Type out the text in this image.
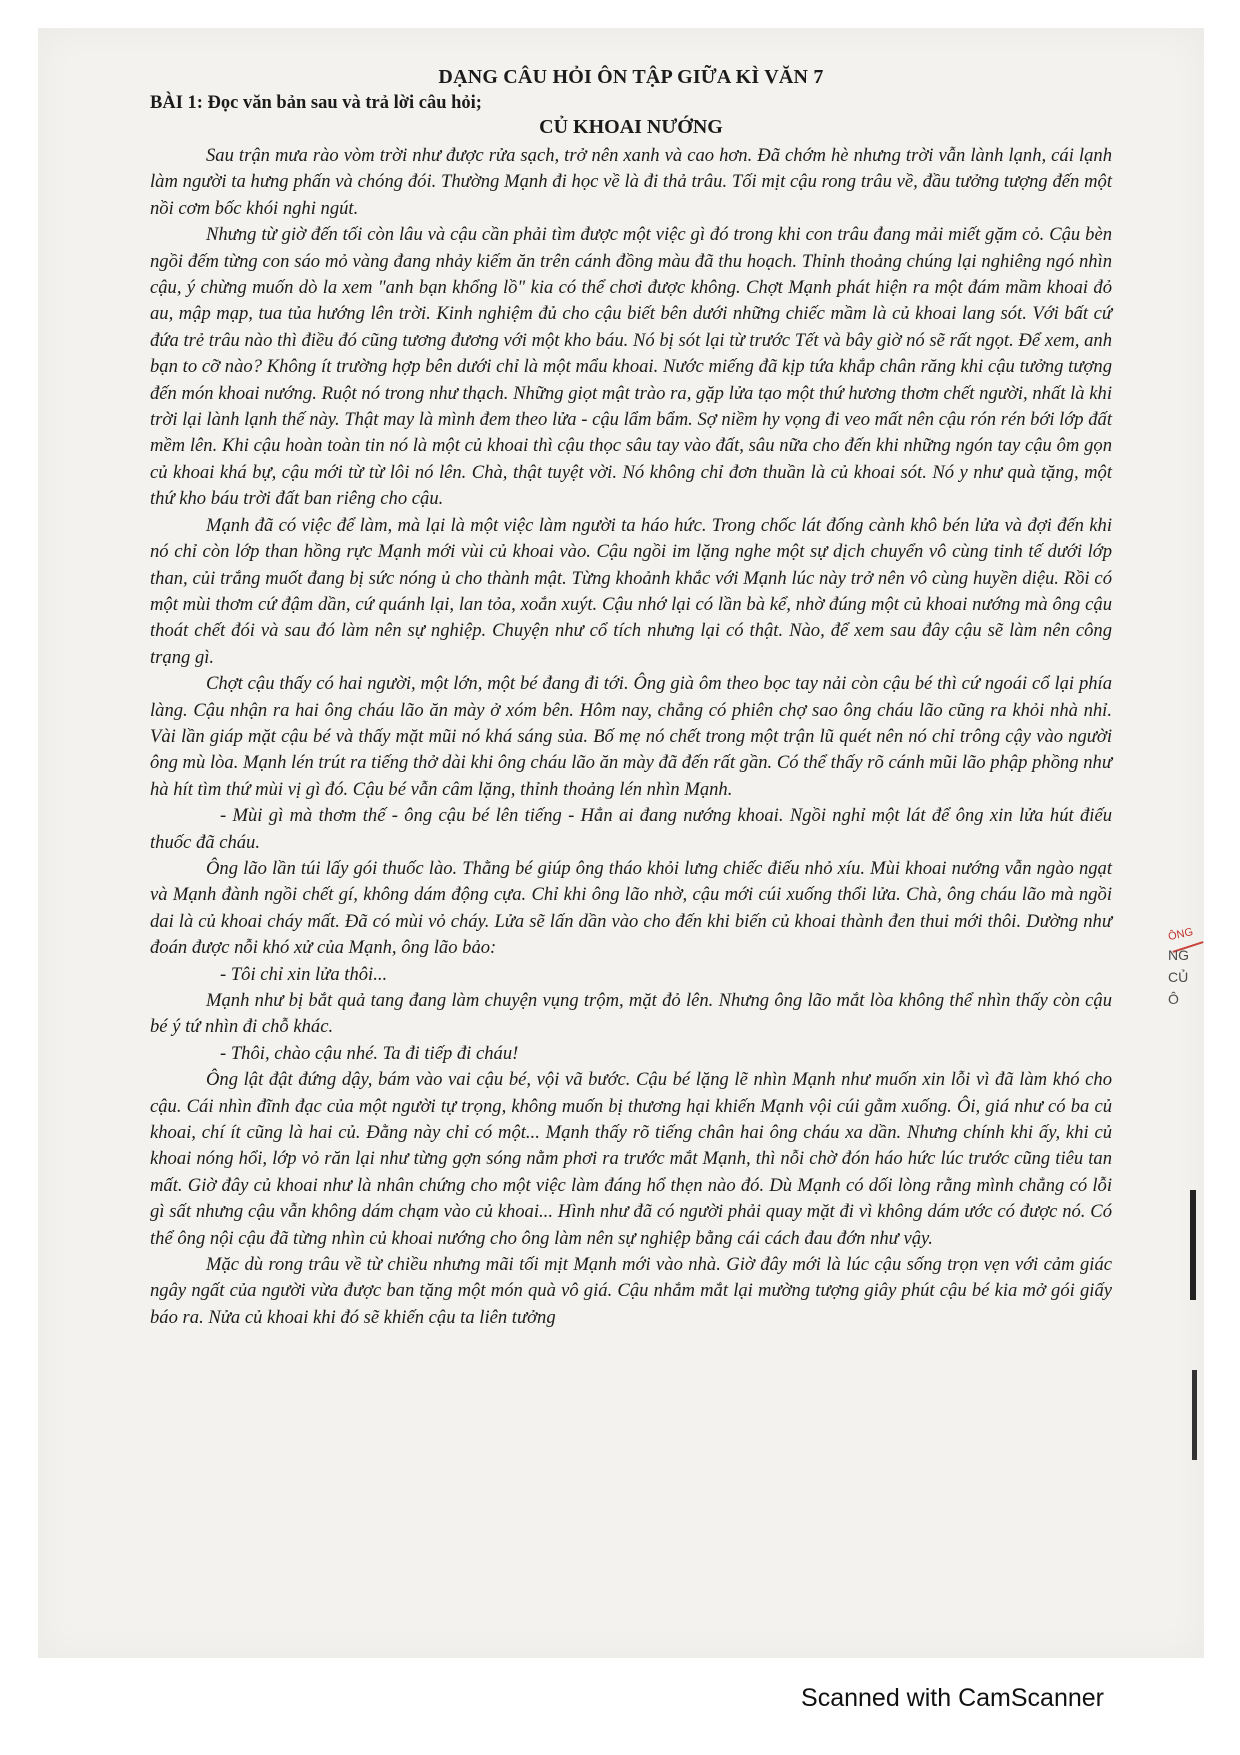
DẠNG CÂU HỎI ÔN TẬP GIỮA KÌ VĂN 7
BÀI 1: Đọc văn bản sau và trả lời câu hỏi;
CỦ KHOAI NƯỚNG

Sau trận mưa rào vòm trời như được rửa sạch, trở nên xanh và cao hơn. Đã chớm hè nhưng trời vẫn lành lạnh, cái lạnh làm người ta hưng phấn và chóng đói. Thường Mạnh đi học về là đi thả trâu. Tối mịt cậu rong trâu về, đầu tưởng tượng đến một nồi cơm bốc khói nghi ngút.

Nhưng từ giờ đến tối còn lâu và cậu cần phải tìm được một việc gì đó trong khi con trâu đang mải miết gặm cỏ. Cậu bèn ngồi đếm từng con sáo mỏ vàng đang nhảy kiếm ăn trên cánh đồng màu đã thu hoạch. Thỉnh thoảng chúng lại nghiêng ngó nhìn cậu, ý chừng muốn dò la xem "anh bạn khổng lồ" kia có thể chơi được không. Chợt Mạnh phát hiện ra một đám mầm khoai đỏ au, mập mạp, tua tủa hướng lên trời. Kinh nghiệm đủ cho cậu biết bên dưới những chiếc mầm là củ khoai lang sót. Với bất cứ đứa trẻ trâu nào thì điều đó cũng tương đương với một kho báu. Nó bị sót lại từ trước Tết và bây giờ nó sẽ rất ngọt. Để xem, anh bạn to cỡ nào? Không ít trường hợp bên dưới chỉ là một mẩu khoai. Nước miếng đã kịp tứa khắp chân răng khi cậu tưởng tượng đến món khoai nướng. Ruột nó trong như thạch. Những giọt mật trào ra, gặp lửa tạo một thứ hương thơm chết người, nhất là khi trời lại lành lạnh thế này. Thật may là mình đem theo lửa - cậu lẩm bẩm. Sợ niềm hy vọng đi veo mất nên cậu rón rén bới lớp đất mềm lên. Khi cậu hoàn toàn tin nó là một củ khoai thì cậu thọc sâu tay vào đất, sâu nữa cho đến khi những ngón tay cậu ôm gọn củ khoai khá bự, cậu mới từ từ lôi nó lên. Chà, thật tuyệt vời. Nó không chỉ đơn thuần là củ khoai sót. Nó y như quà tặng, một thứ kho báu trời đất ban riêng cho cậu.

Mạnh đã có việc để làm, mà lại là một việc làm người ta háo hức. Trong chốc lát đống cành khô bén lửa và đợi đến khi nó chỉ còn lớp than hồng rực Mạnh mới vùi củ khoai vào. Cậu ngồi im lặng nghe một sự dịch chuyển vô cùng tinh tế dưới lớp than, củi trắng muốt đang bị sức nóng ủ cho thành mật. Từng khoảnh khắc với Mạnh lúc này trở nên vô cùng huyền diệu. Rồi có một mùi thơm cứ đậm dần, cứ quánh lại, lan tỏa, xoắn xuýt. Cậu nhớ lại có lần bà kể, nhờ đúng một củ khoai nướng mà ông cậu thoát chết đói và sau đó làm nên sự nghiệp. Chuyện như cổ tích nhưng lại có thật. Nào, để xem sau đây cậu sẽ làm nên công trạng gì.

Chợt cậu thấy có hai người, một lớn, một bé đang đi tới. Ông già ôm theo bọc tay nải còn cậu bé thì cứ ngoái cổ lại phía làng. Cậu nhận ra hai ông cháu lão ăn mày ở xóm bên. Hôm nay, chẳng có phiên chợ sao ông cháu lão cũng ra khỏi nhà nhỉ. Vài lần giáp mặt cậu bé và thấy mặt mũi nó khá sáng sủa. Bố mẹ nó chết trong một trận lũ quét nên nó chỉ trông cậy vào người ông mù lòa. Mạnh lén trút ra tiếng thở dài khi ông cháu lão ăn mày đã đến rất gần. Có thể thấy rõ cánh mũi lão phập phồng như hà hít tìm thứ mùi vị gì đó. Cậu bé vẫn câm lặng, thỉnh thoảng lén nhìn Mạnh.

- Mùi gì mà thơm thế - ông cậu bé lên tiếng - Hẳn ai đang nướng khoai. Ngồi nghỉ một lát để ông xin lửa hút điếu thuốc đã cháu.

Ông lão lần túi lấy gói thuốc lào. Thằng bé giúp ông tháo khỏi lưng chiếc điếu nhỏ xíu. Mùi khoai nướng vẫn ngào ngạt và Mạnh đành ngồi chết gí, không dám động cựa. Chỉ khi ông lão nhờ, cậu mới cúi xuống thổi lửa. Chà, ông cháu lão mà ngồi dai là củ khoai cháy mất. Đã có mùi vỏ cháy. Lửa sẽ lấn dần vào cho đến khi biến củ khoai thành đen thui mới thôi. Dường như đoán được nỗi khó xử của Mạnh, ông lão bảo:

- Tôi chỉ xin lửa thôi...

Mạnh như bị bắt quả tang đang làm chuyện vụng trộm, mặt đỏ lên. Nhưng ông lão mắt lòa không thể nhìn thấy còn cậu bé ý tứ nhìn đi chỗ khác.

- Thôi, chào cậu nhé. Ta đi tiếp đi cháu!

Ông lật đật đứng dậy, bám vào vai cậu bé, vội vã bước. Cậu bé lặng lẽ nhìn Mạnh như muốn xin lỗi vì đã làm khó cho cậu. Cái nhìn đĩnh đạc của một người tự trọng, không muốn bị thương hại khiến Mạnh vội cúi gằm xuống. Ôi, giá như có ba củ khoai, chí ít cũng là hai củ. Đằng này chỉ có một... Mạnh thấy rõ tiếng chân hai ông cháu xa dần. Nhưng chính khi ấy, khi củ khoai nóng hổi, lớp vỏ răn lại như từng gợn sóng nằm phơi ra trước mắt Mạnh, thì nỗi chờ đón háo hức lúc trước cũng tiêu tan mất. Giờ đây củ khoai như là nhân chứng cho một việc làm đáng hổ thẹn nào đó. Dù Mạnh có dối lòng rằng mình chẳng có lỗi gì sất nhưng cậu vẫn không dám chạm vào củ khoai... Hình như đã có người phải quay mặt đi vì không dám ước có được nó. Có thể ông nội cậu đã từng nhìn củ khoai nướng cho ông làm nên sự nghiệp bằng cái cách đau đớn như vậy.

Mặc dù rong trâu về từ chiều nhưng mãi tối mịt Mạnh mới vào nhà. Giờ đây mới là lúc cậu sống trọn vẹn với cảm giác ngây ngất của người vừa được ban tặng một món quà vô giá. Cậu nhắm mắt lại mường tượng giây phút cậu bé kia mở gói giấy báo ra. Nửa củ khoai khi đó sẽ khiến cậu ta liên tưởng

ÔNG
NG
CỦ
Ô
Scanned with CamScanner
